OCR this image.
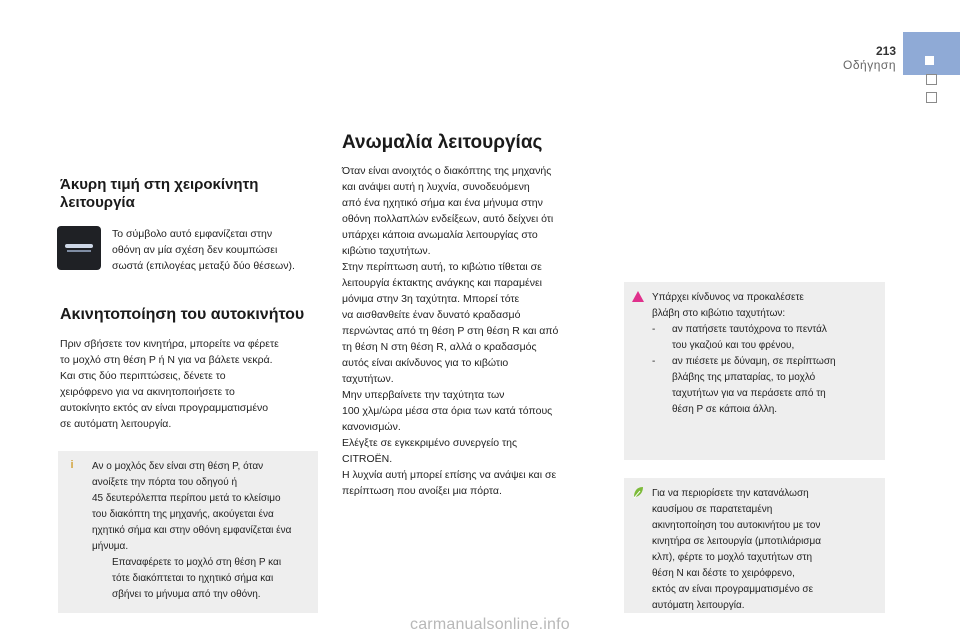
213
Οδήγηση
Ανωμαλία λειτουργίας
Άκυρη τιμή στη χειροκίνητη λειτουργία
Το σύμβολο αυτό εμφανίζεται στην
οθόνη αν μία σχέση δεν κουμπώσει
σωστά (επιλογέας μεταξύ δύο θέσεων).
Ακινητοποίηση του αυτοκινήτου
Πριν σβήσετε τον κινητήρα, μπορείτε να φέρετε
το μοχλό στη θέση P ή N για να βάλετε νεκρά.
Και στις δύο περιπτώσεις, δένετε το
χειρόφρενο για να ακινητοποιήσετε το
αυτοκίνητο εκτός αν είναι προγραμματισμένο
σε αυτόματη λειτουργία.
i	Αν ο μοχλός δεν είναι στη θέση P, όταν
ανοίξετε την πόρτα του οδηγού ή
45 δευτερόλεπτα περίπου μετά το κλείσιμο
του διακόπτη της μηχανής, ακούγεται ένα
ηχητικό σήμα και στην οθόνη εμφανίζεται ένα
μήνυμα.
Επαναφέρετε το μοχλό στη θέση P και
τότε διακόπτεται το ηχητικό σήμα και
σβήνει το μήνυμα από την οθόνη.
Όταν είναι ανοιχτός ο διακόπτης της μηχανής
και ανάψει αυτή η λυχνία, συνοδευόμενη
από ένα ηχητικό σήμα και ένα μήνυμα στην
οθόνη πολλαπλών ενδείξεων, αυτό δείχνει ότι
υπάρχει κάποια ανωμαλία λειτουργίας στο
κιβώτιο ταχυτήτων.
Στην περίπτωση αυτή, το κιβώτιο τίθεται σε
λειτουργία έκτακτης ανάγκης και παραμένει
μόνιμα στην 3η ταχύτητα. Μπορεί τότε
να αισθανθείτε έναν δυνατό κραδασμό
περνώντας από τη θέση P στη θέση R και από
τη θέση N στη θέση R, αλλά ο κραδασμός
αυτός είναι ακίνδυνος για το κιβώτιο
ταχυτήτων.
Μην υπερβαίνετε την ταχύτητα των
100 χλμ/ώρα μέσα στα όρια των κατά τόπους
κανονισμών.
Ελέγξτε σε εγκεκριμένο συνεργείο της
CITROËN.
Η λυχνία αυτή μπορεί επίσης να ανάψει και σε
περίπτωση που ανοίξει μια πόρτα.
Υπάρχει κίνδυνος να προκαλέσετε
βλάβη στο κιβώτιο ταχυτήτων:
- αν πατήσετε ταυτόχρονα το πεντάλ
του γκαζιού και του φρένου,
- αν πιέσετε με δύναμη, σε περίπτωση
βλάβης της μπαταρίας, το μοχλό
ταχυτήτων για να περάσετε από τη
θέση P σε κάποια άλλη.
Για να περιορίσετε την κατανάλωση
καυσίμου σε παρατεταμένη
ακινητοποίηση του αυτοκινήτου με τον
κινητήρα σε λειτουργία (μποτιλιάρισμα
κλπ), φέρτε το μοχλό ταχυτήτων στη
θέση N και δέστε το χειρόφρενο,
εκτός αν είναι προγραμματισμένο σε
αυτόματη λειτουργία.
carmanualsonline.info
